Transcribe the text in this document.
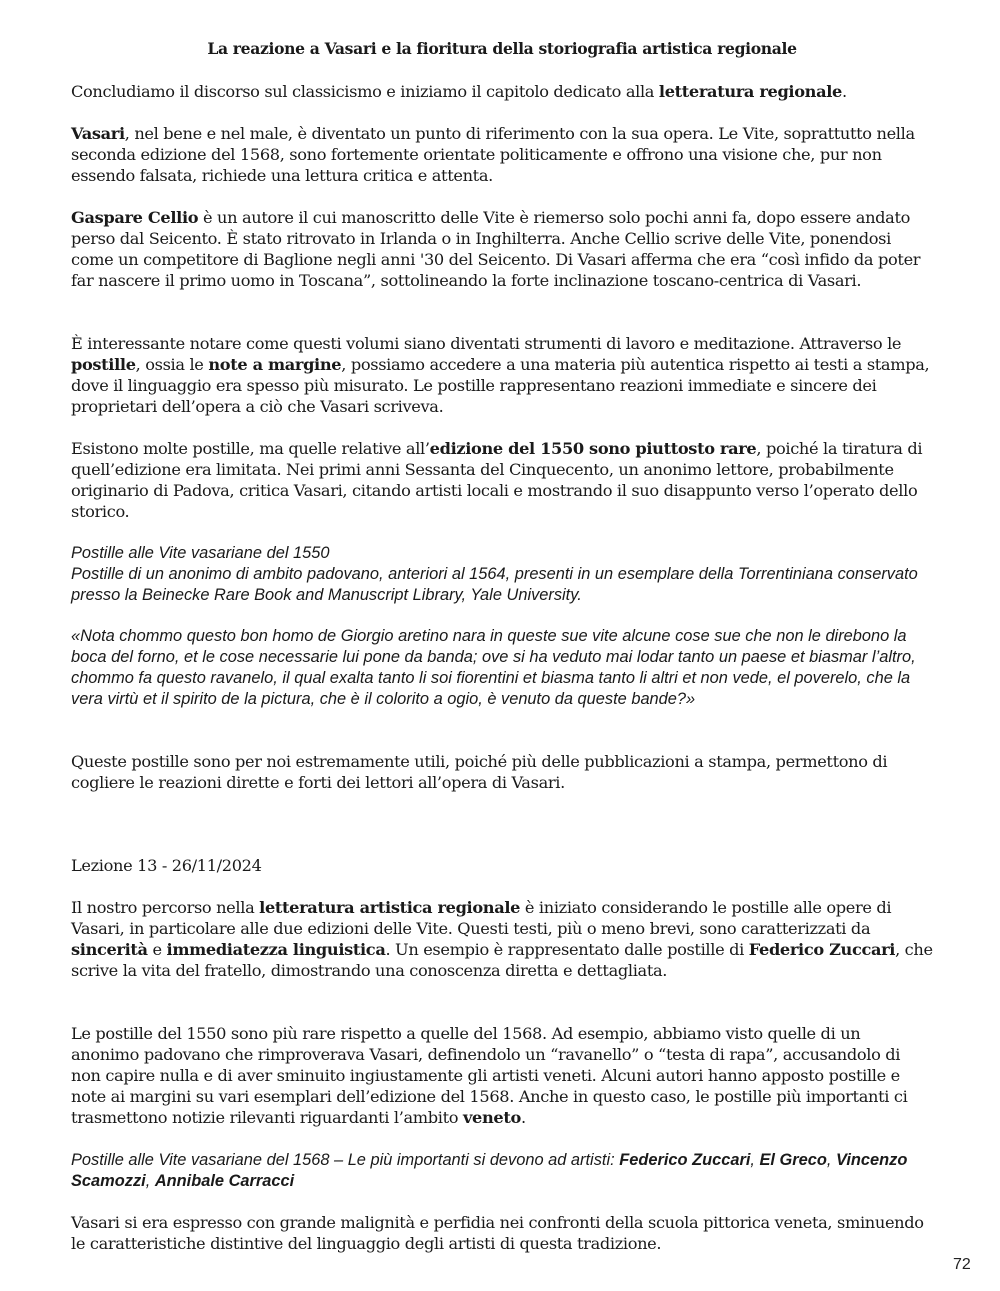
La reazione a Vasari e la fioritura della storiografia artistica regionale

Concludiamo il discorso sul classicismo e iniziamo il capitolo dedicato alla letteratura regionale.

Vasari, nel bene e nel male, è diventato un punto di riferimento con la sua opera. Le Vite, soprattutto nella seconda edizione del 1568, sono fortemente orientate politicamente e offrono una visione che, pur non essendo falsata, richiede una lettura critica e attenta.

Gaspare Cellio è un autore il cui manoscritto delle Vite è riemerso solo pochi anni fa, dopo essere andato perso dal Seicento. È stato ritrovato in Irlanda o in Inghilterra. Anche Cellio scrive delle Vite, ponendosi come un competitore di Baglione negli anni '30 del Seicento. Di Vasari afferma che era “così infido da poter far nascere il primo uomo in Toscana”, sottolineando la forte inclinazione toscano-centrica di Vasari.

È interessante notare come questi volumi siano diventati strumenti di lavoro e meditazione. Attraverso le postille, ossia le note a margine, possiamo accedere a una materia più autentica rispetto ai testi a stampa, dove il linguaggio era spesso più misurato. Le postille rappresentano reazioni immediate e sincere dei proprietari dell’opera a ciò che Vasari scriveva.

Esistono molte postille, ma quelle relative all’edizione del 1550 sono piuttosto rare, poiché la tiratura di quell’edizione era limitata. Nei primi anni Sessanta del Cinquecento, un anonimo lettore, probabilmente originario di Padova, critica Vasari, citando artisti locali e mostrando il suo disappunto verso l’operato dello storico.

Postille alle Vite vasariane del 1550
Postille di un anonimo di ambito padovano, anteriori al 1564, presenti in un esemplare della Torrentiniana conservato presso la Beinecke Rare Book and Manuscript Library, Yale University.

«Nota chommo questo bon homo de Giorgio aretino nara in queste sue vite alcune cose sue che non le direbono la boca del forno, et le cose necessarie lui pone da banda; ove si ha veduto mai lodar tanto un paese et biasmar l’altro, chommo fa questo ravanelo, il qual exalta tanto li soi fiorentini et biasma tanto li altri et non vede, el poverelo, che la vera virtù et il spirito de la pictura, che è il colorito a ogio, è venuto da queste bande?»

Queste postille sono per noi estremamente utili, poiché più delle pubblicazioni a stampa, permettono di cogliere le reazioni dirette e forti dei lettori all’opera di Vasari.

Lezione 13 - 26/11/2024

Il nostro percorso nella letteratura artistica regionale è iniziato considerando le postille alle opere di Vasari, in particolare alle due edizioni delle Vite. Questi testi, più o meno brevi, sono caratterizzati da sincerità e immediatezza linguistica. Un esempio è rappresentato dalle postille di Federico Zuccari, che scrive la vita del fratello, dimostrando una conoscenza diretta e dettagliata.

Le postille del 1550 sono più rare rispetto a quelle del 1568. Ad esempio, abbiamo visto quelle di un anonimo padovano che rimproverava Vasari, definendolo un “ravanello” o “testa di rapa”, accusandolo di non capire nulla e di aver sminuito ingiustamente gli artisti veneti. Alcuni autori hanno apposto postille e note ai margini su vari esemplari dell’edizione del 1568. Anche in questo caso, le postille più importanti ci trasmettono notizie rilevanti riguardanti l’ambito veneto.

Postille alle Vite vasariane del 1568 – Le più importanti si devono ad artisti: Federico Zuccari, El Greco, Vincenzo Scamozzi, Annibale Carracci

Vasari si era espresso con grande malignità e perfidia nei confronti della scuola pittorica veneta, sminuendo le caratteristiche distintive del linguaggio degli artisti di questa tradizione.

72
